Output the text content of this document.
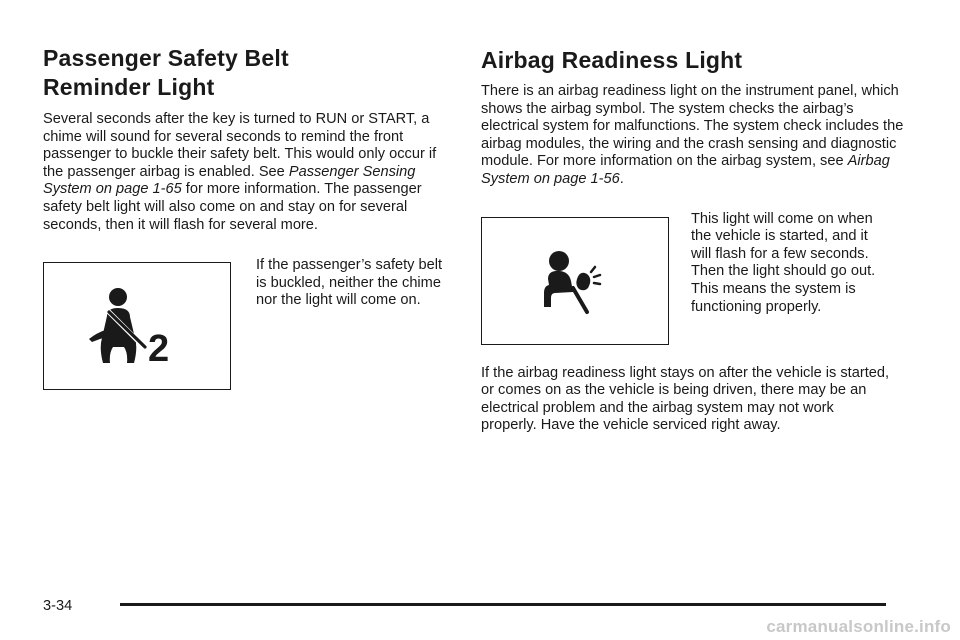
Passenger Safety Belt
Reminder Light

Several seconds after the key is turned to RUN or START, a chime will sound for several seconds to remind the front passenger to buckle their safety belt. This would only occur if the passenger airbag is enabled. See Passenger Sensing System on page 1-65 for more information. The passenger safety belt light will also come on and stay on for several seconds, then it will flash for several more.

2

If the passenger’s safety belt is buckled, neither the chime nor the light will come on.

Airbag Readiness Light

There is an airbag readiness light on the instrument panel, which shows the airbag symbol. The system checks the airbag’s electrical system for malfunctions. The system check includes the airbag modules, the wiring and the crash sensing and diagnostic module. For more information on the airbag system, see Airbag System on page 1-56.

This light will come on when the vehicle is started, and it will flash for a few seconds. Then the light should go out. This means the system is functioning properly.

If the airbag readiness light stays on after the vehicle is started, or comes on as the vehicle is being driven, there may be an electrical problem and the airbag system may not work properly. Have the vehicle serviced right away.

3-34
carmanualsonline.info
